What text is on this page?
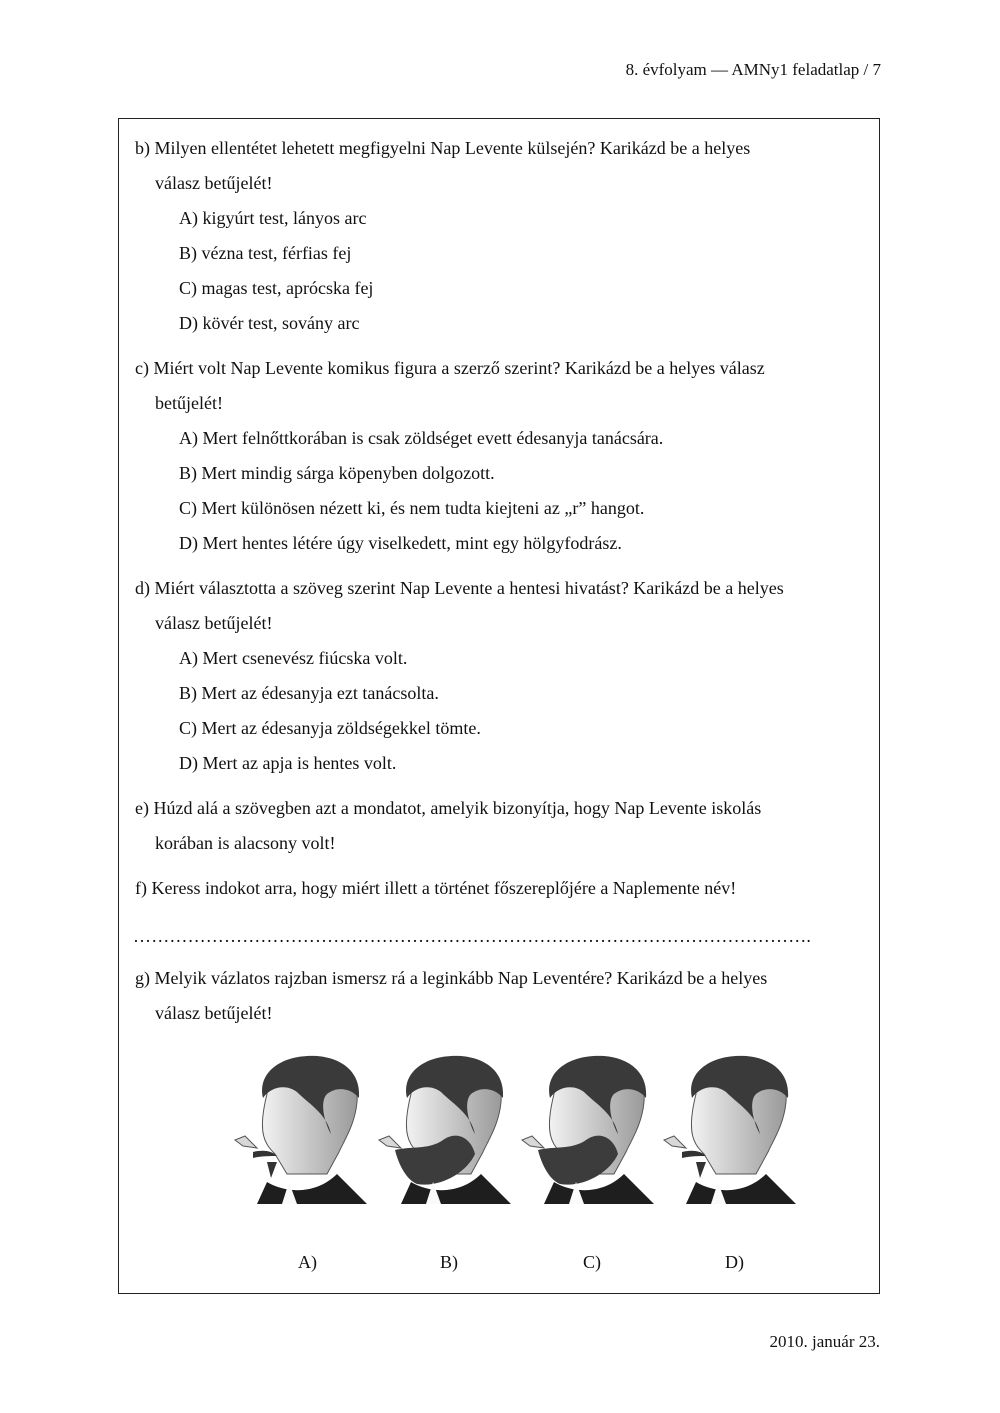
8. évfolyam — AMNy1 feladatlap / 7
b) Milyen ellentétet lehetett megfigyelni Nap Levente külsején? Karikázd be a helyes
válasz betűjelét!
A) kigyúrt test, lányos arc
B) vézna test, férfias fej
C) magas test, aprócska fej
D) kövér test, sovány arc
c) Miért volt Nap Levente komikus figura a szerző szerint? Karikázd be a helyes válasz
betűjelét!
A) Mert felnőttkorában is csak zöldséget evett édesanyja tanácsára.
B) Mert mindig sárga köpenyben dolgozott.
C) Mert különösen nézett ki, és nem tudta kiejteni az „r” hangot.
D) Mert hentes létére úgy viselkedett, mint egy hölgyfodrász.
d) Miért választotta a szöveg szerint Nap Levente a hentesi hivatást? Karikázd be a helyes
válasz betűjelét!
A) Mert csenevész fiúcska volt.
B) Mert az édesanyja ezt tanácsolta.
C) Mert az édesanyja zöldségekkel tömte.
D) Mert az apja is hentes volt.
e) Húzd alá a szövegben azt a mondatot, amelyik bizonyítja, hogy Nap Levente iskolás
korában is alacsony volt!
f) Keress indokot arra, hogy miért illett a történet főszereplőjére a Naplemente név!
………………………………………………………………………………………………….
g) Melyik vázlatos rajzban ismersz rá a leginkább Nap Leventére? Karikázd be a helyes
válasz betűjelét!
A)	B)	C)	D)
2010. január 23.
